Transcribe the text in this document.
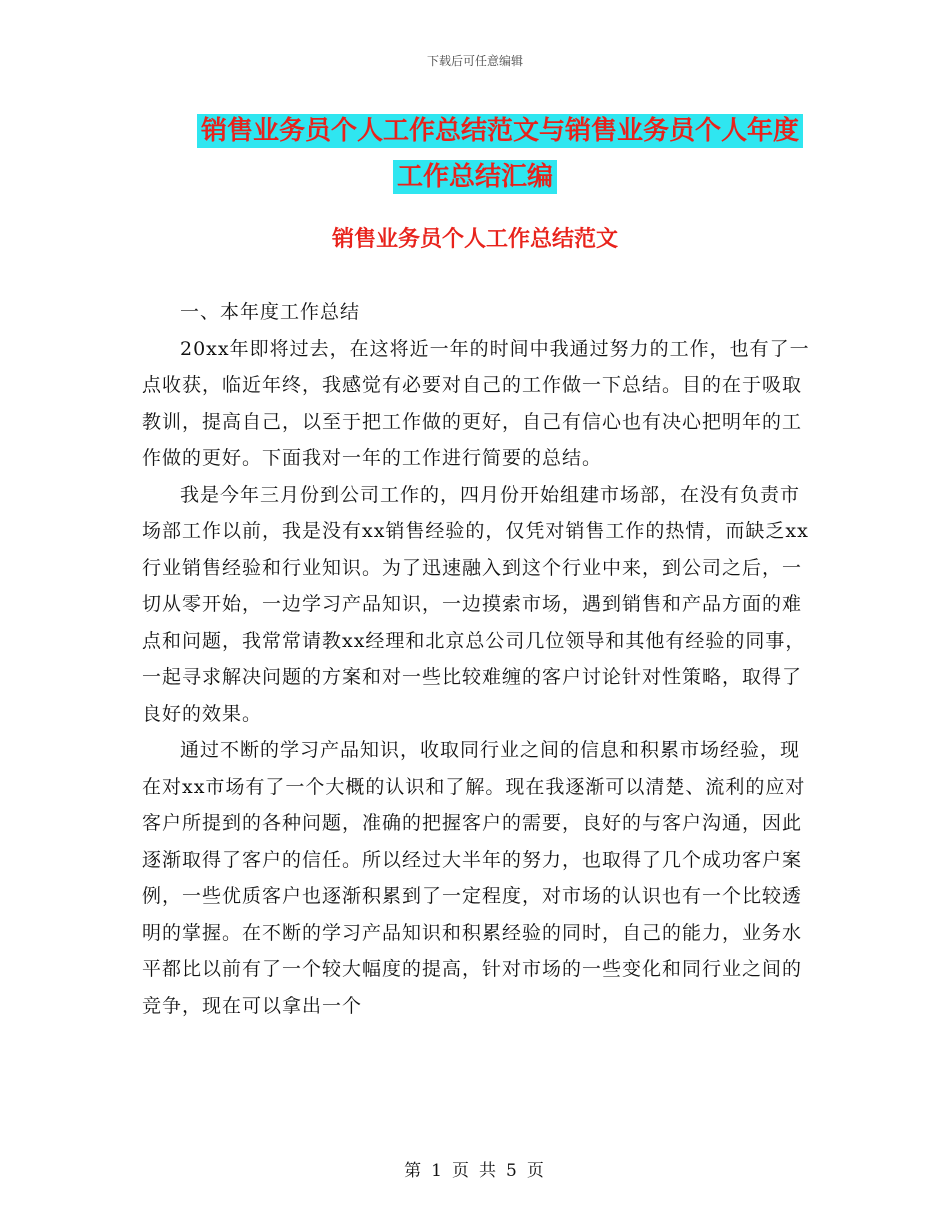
下载后可任意编辑
销售业务员个人工作总结范文与销售业务员个人年度
工作总结汇编
销售业务员个人工作总结范文

一、本年度工作总结

20xx年即将过去，在这将近一年的时间中我通过努力的工作，也有了一点收获，临近年终，我感觉有必要对自己的工作做一下总结。目的在于吸取教训，提高自己，以至于把工作做的更好，自己有信心也有决心把明年的工作做的更好。下面我对一年的工作进行简要的总结。

我是今年三月份到公司工作的，四月份开始组建市场部，在没有负责市场部工作以前，我是没有xx销售经验的，仅凭对销售工作的热情，而缺乏xx行业销售经验和行业知识。为了迅速融入到这个行业中来，到公司之后，一切从零开始，一边学习产品知识，一边摸索市场，遇到销售和产品方面的难点和问题，我常常请教xx经理和北京总公司几位领导和其他有经验的同事，一起寻求解决问题的方案和对一些比较难缠的客户讨论针对性策略，取得了良好的效果。

通过不断的学习产品知识，收取同行业之间的信息和积累市场经验，现在对xx市场有了一个大概的认识和了解。现在我逐渐可以清楚、流利的应对客户所提到的各种问题，准确的把握客户的需要，良好的与客户沟通，因此逐渐取得了客户的信任。所以经过大半年的努力，也取得了几个成功客户案例，一些优质客户也逐渐积累到了一定程度，对市场的认识也有一个比较透明的掌握。在不断的学习产品知识和积累经验的同时，自己的能力，业务水平都比以前有了一个较大幅度的提高，针对市场的一些变化和同行业之间的竞争，现在可以拿出一个

第 1 页 共 5 页
